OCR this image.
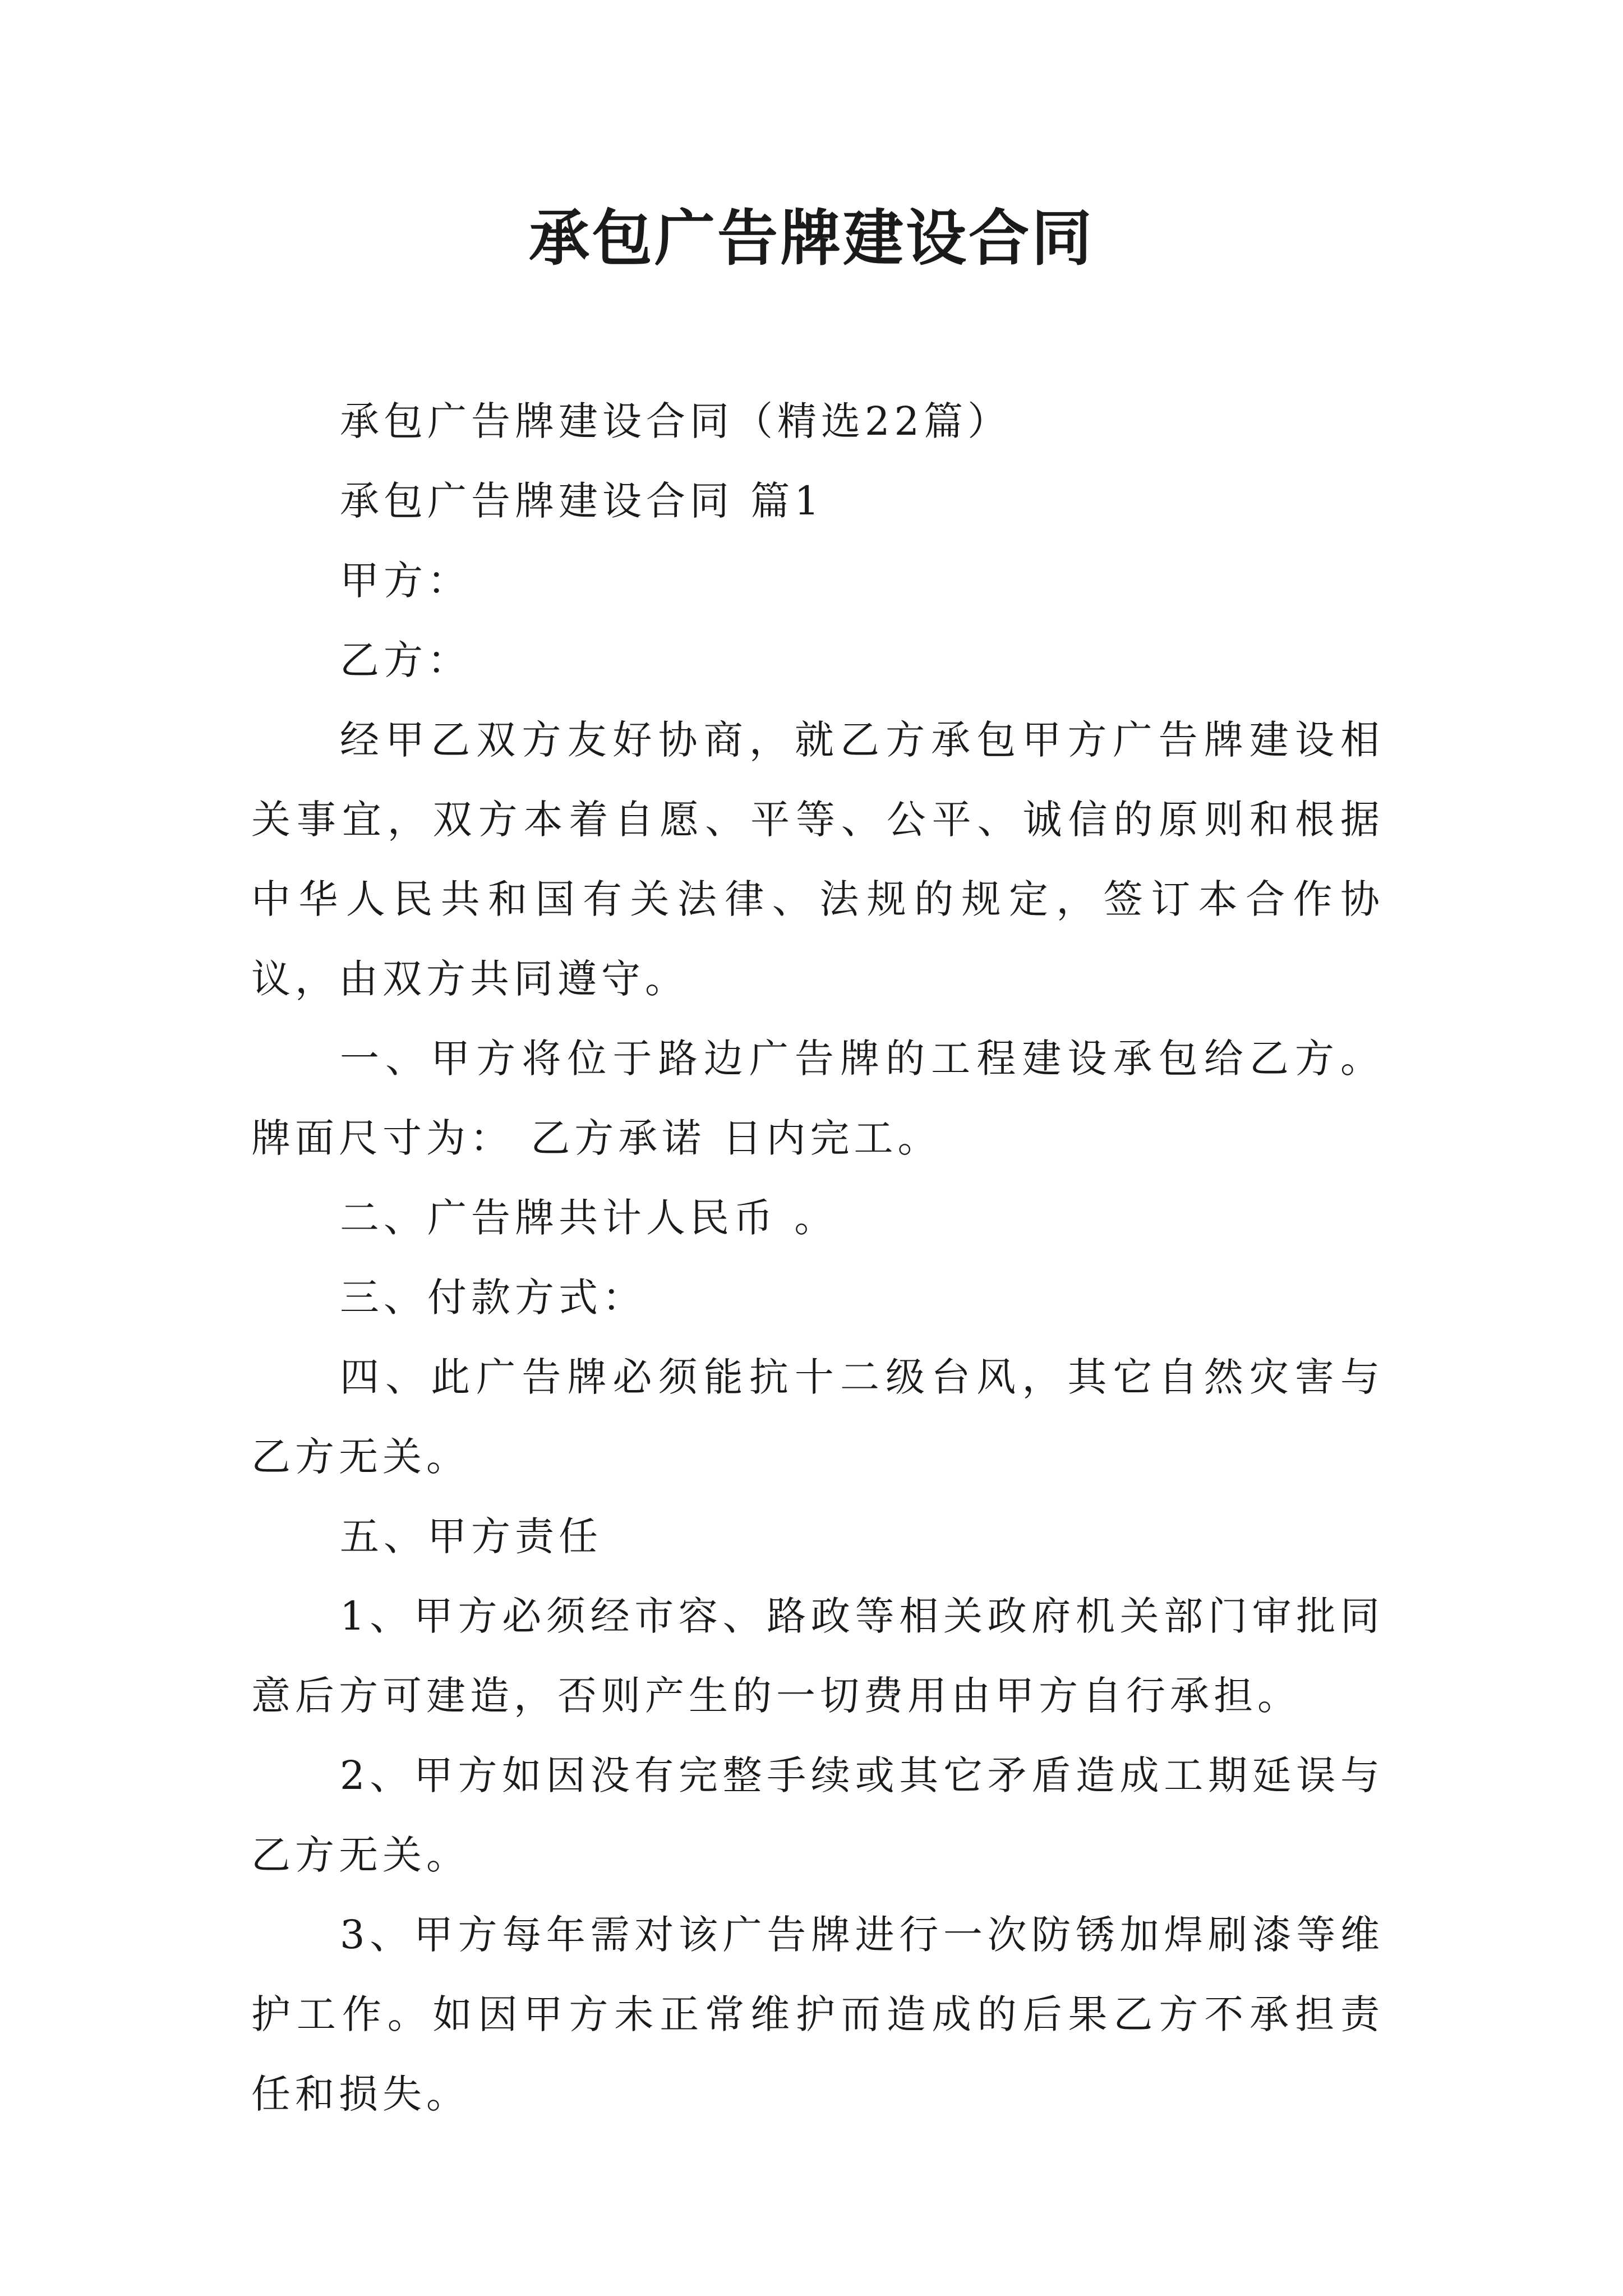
承包广告牌建设合同

承包广告牌建设合同（精选22篇）

承包广告牌建设合同 篇1

甲方：

乙方：

经甲乙双方友好协商，就乙方承包甲方广告牌建设相关事宜，双方本着自愿、平等、公平、诚信的原则和根据中华人民共和国有关法律、法规的规定，签订本合作协议，由双方共同遵守。

一、甲方将位于路边广告牌的工程建设承包给乙方。牌面尺寸为： 乙方承诺 日内完工。

二、广告牌共计人民币 。

三、付款方式：

四、此广告牌必须能抗十二级台风，其它自然灾害与乙方无关。

五、甲方责任

1、甲方必须经市容、路政等相关政府机关部门审批同意后方可建造，否则产生的一切费用由甲方自行承担。

2、甲方如因没有完整手续或其它矛盾造成工期延误与乙方无关。

3、甲方每年需对该广告牌进行一次防锈加焊刷漆等维护工作。如因甲方未正常维护而造成的后果乙方不承担责任和损失。
